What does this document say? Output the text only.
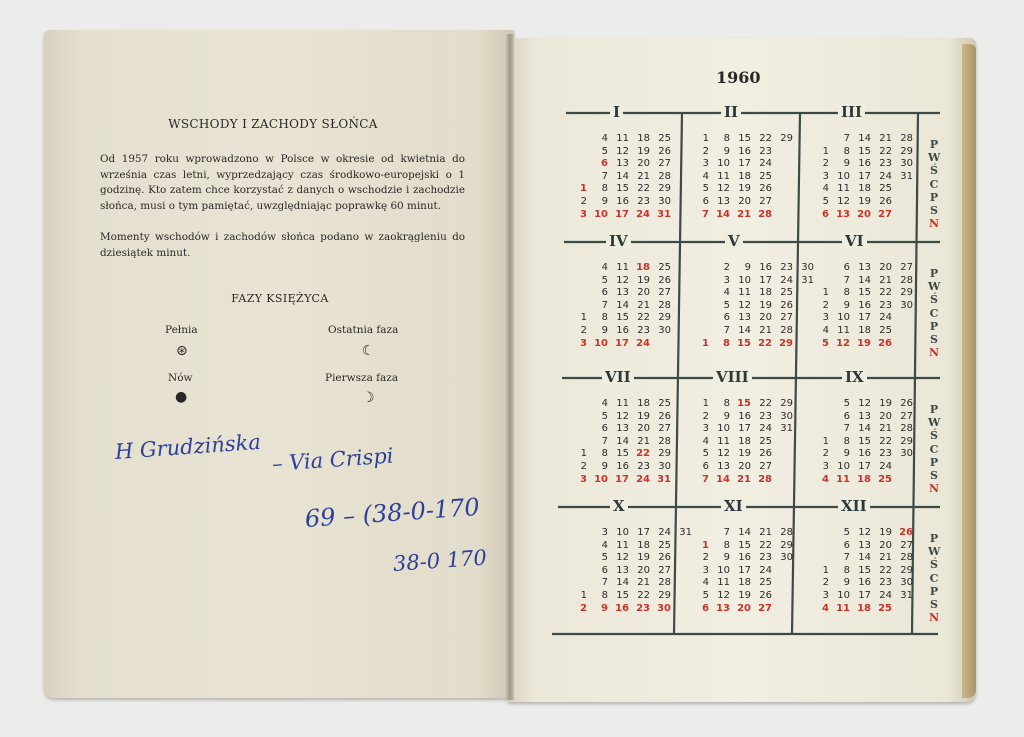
WSCHODY I ZACHODY SŁOŃCA
Od 1957 roku wprowadzono w Polsce w okresie od kwietnia do września czas letni, wyprzedzający czas środkowo-europejski o 1 godzinę. Kto zatem chce korzystać z danych o wschodzie i zachodzie słońca, musi o tym pamiętać, uwzględniając poprawkę 60 minut.
Momenty wschodów i zachodów słońca podano w zaokrągleniu do dziesiątek minut.
FAZY KSIĘŻYCA
Pełnia
⊛
Ostatnia faza
☾
Nów
●
Pierwsza faza
☽
H Grudzińska – Via Crispi
69 – (38-0-170
38-0 170
1960
I
1
2
3
4
5
6
7
8
9
10
11
12
13
14
15
16
17
18
19
20
21
22
23
24
25
26
27
28
29
30
31
II
1
2
3
4
5
6
7
8
9
10
11
12
13
14
15
16
17
18
19
20
21
22
23
24
25
26
27
28
29
III
1
2
3
4
5
6
7
8
9
10
11
12
13
14
15
16
17
18
19
20
21
22
23
24
25
26
27
28
29
30
31
P
W
Ś
C
P
S
N
IV
1
2
3
4
5
6
7
8
9
10
11
12
13
14
15
16
17
18
19
20
21
22
23
24
25
26
27
28
29
30
V
1
2
3
4
5
6
7
8
9
10
11
12
13
14
15
16
17
18
19
20
21
22
23
24
25
26
27
28
29
30
31
VI
1
2
3
4
5
6
7
8
9
10
11
12
13
14
15
16
17
18
19
20
21
22
23
24
25
26
27
28
29
30
P
W
Ś
C
P
S
N
VII
1
2
3
4
5
6
7
8
9
10
11
12
13
14
15
16
17
18
19
20
21
22
23
24
25
26
27
28
29
30
31
VIII
1
2
3
4
5
6
7
8
9
10
11
12
13
14
15
16
17
18
19
20
21
22
23
24
25
26
27
28
29
30
31
IX
1
2
3
4
5
6
7
8
9
10
11
12
13
14
15
16
17
18
19
20
21
22
23
24
25
26
27
28
29
30
P
W
Ś
C
P
S
N
X
1
2
3
4
5
6
7
8
9
10
11
12
13
14
15
16
17
18
19
20
21
22
23
24
25
26
27
28
29
30
31
XI
1
2
3
4
5
6
7
8
9
10
11
12
13
14
15
16
17
18
19
20
21
22
23
24
25
26
27
28
29
30
XII
1
2
3
4
5
6
7
8
9
10
11
12
13
14
15
16
17
18
19
20
21
22
23
24
25
26
27
28
29
30
31
P
W
Ś
C
P
S
N
